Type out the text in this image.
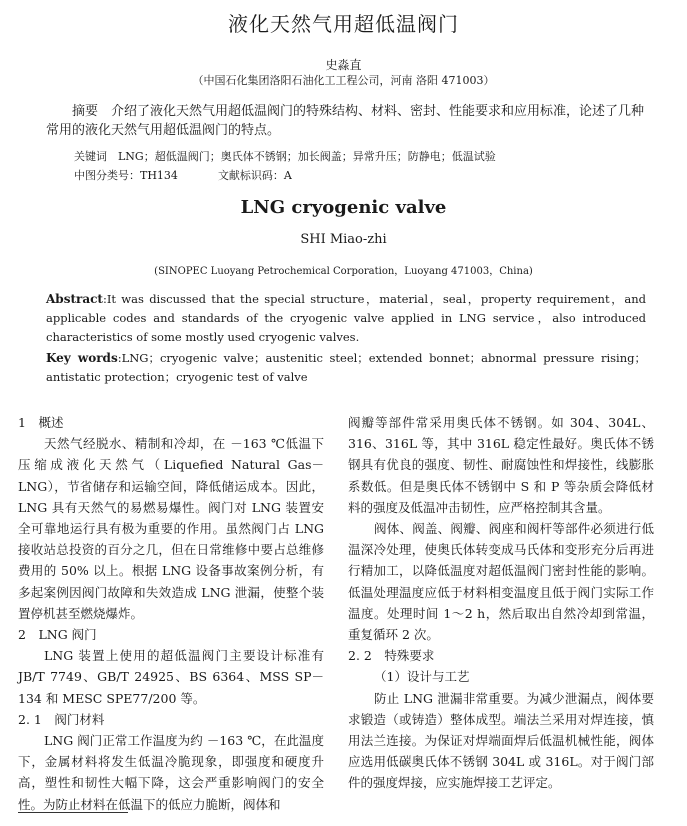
液化天然气用超低温阀门
史淼直
（中国石化集团洛阳石油化工工程公司，河南 洛阳 471003）
摘要　介绍了液化天然气用超低温阀门的特殊结构、材料、密封、性能要求和应用标准，论述了几种常用的液化天然气用超低温阀门的特点。
关键词　LNG；超低温阀门；奥氏体不锈钢；加长阀盖；异常升压；防静电；低温试验
中图分类号：TH134	文献标识码：A
LNG cryogenic valve
SHI Miao-zhi
(SINOPEC Luoyang Petrochemical Corporation，Luoyang 471003，China)
Abstract:It was discussed that the special structure，material，seal，property requirement，and applicable codes and standards of the cryogenic valve applied in LNG service，also introduced characteristics of some mostly used cryogenic valves.
Key words:LNG；cryogenic valve；austenitic steel；extended bonnet；abnormal pressure rising；antistatic protection；cryogenic test of valve

1　概述

天然气经脱水、精制和冷却，在 －163 ℃低温下压缩成液化天然气（Liquefied Natural Gas－LNG），节省储存和运输空间，降低储运成本。因此，LNG 具有天然气的易燃易爆性。阀门对 LNG 装置安全可靠地运行具有极为重要的作用。虽然阀门占 LNG 接收站总投资的百分之几，但在日常维修中要占总维修费用的 50% 以上。根据 LNG 设备事故案例分析，有多起案例因阀门故障和失效造成 LNG 泄漏，使整个装置停机甚至燃烧爆炸。

2　LNG 阀门

LNG 装置上使用的超低温阀门主要设计标准有 JB/T 7749、GB/T 24925、BS 6364、MSS SP－134 和 MESC SPE77/200 等。

2. 1　阀门材料

LNG 阀门正常工作温度为约 －163 ℃，在此温度下，金属材料将发生低温冷脆现象，即强度和硬度升高，塑性和韧性大幅下降，这会严重影响阀门的安全性。为防止材料在低温下的低应力脆断，阀体和

阀瓣等部件常采用奥氏体不锈钢。如 304、304L、316、316L 等，其中 316L 稳定性最好。奥氏体不锈钢具有优良的强度、韧性、耐腐蚀性和焊接性，线膨胀系数低。但是奥氏体不锈钢中 S 和 P 等杂质会降低材料的强度及低温冲击韧性，应严格控制其含量。

阀体、阀盖、阀瓣、阀座和阀杆等部件必须进行低温深冷处理，使奥氏体转变成马氏体和变形充分后再进行精加工，以降低温度对超低温阀门密封性能的影响。低温处理温度应低于材料相变温度且低于阀门实际工作温度。处理时间 1～2 h，然后取出自然冷却到常温，重复循环 2 次。

2. 2　特殊要求

（1）设计与工艺

防止 LNG 泄漏非常重要。为减少泄漏点，阀体要求锻造（或铸造）整体成型。端法兰采用对焊连接，慎用法兰连接。为保证对焊端面焊后低温机械性能，阀体应选用低碳奥氏体不锈钢 304L 或 316L。对于阀门部件的强度焊接，应实施焊接工艺评定。
